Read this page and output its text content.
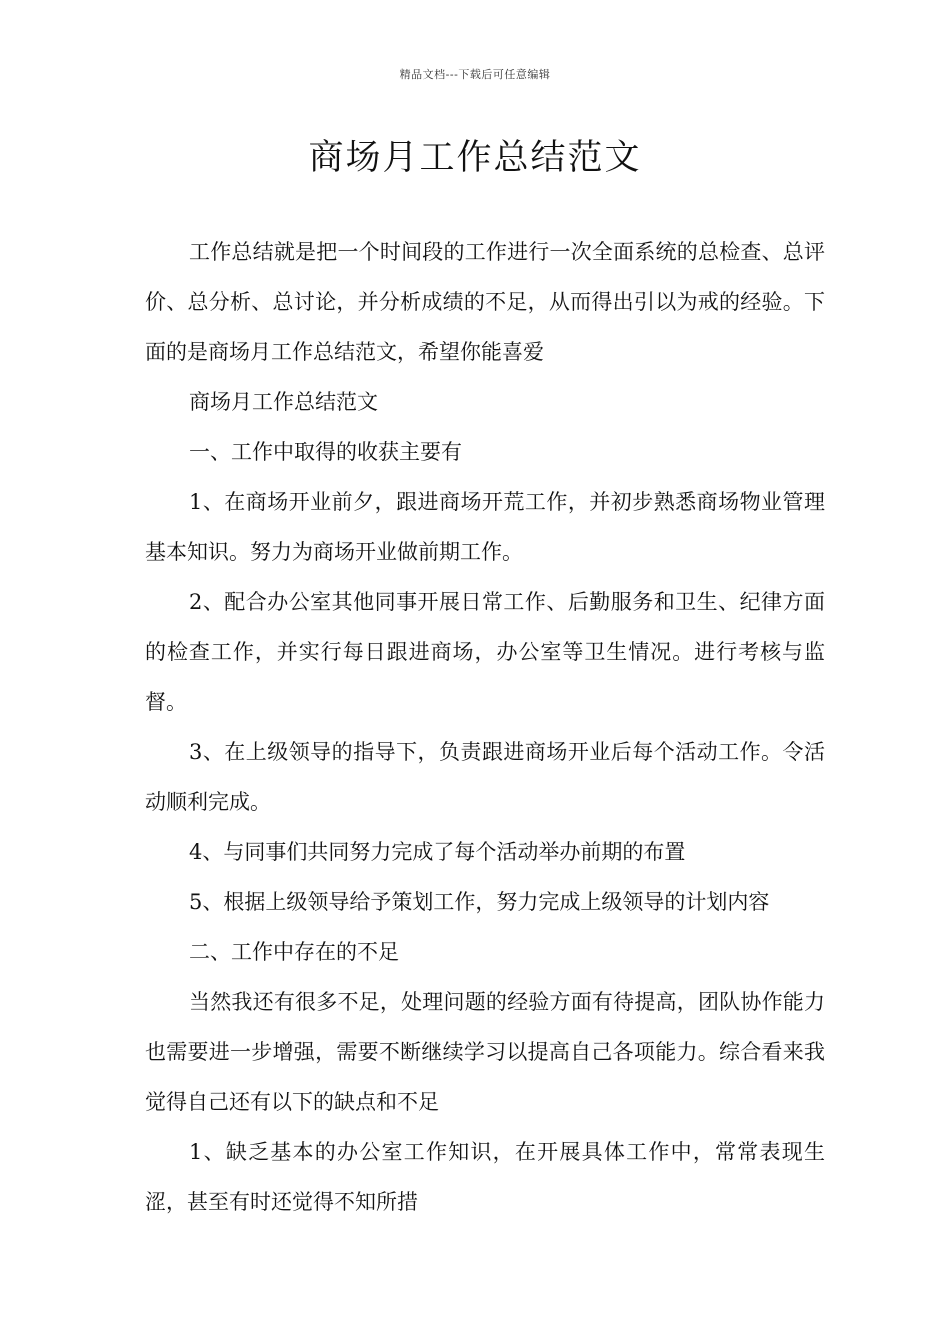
精品文档---下载后可任意编辑
商场月工作总结范文

工作总结就是把一个时间段的工作进行一次全面系统的总检查、总评价、总分析、总讨论，并分析成绩的不足，从而得出引以为戒的经验。下面的是商场月工作总结范文，希望你能喜爱

商场月工作总结范文

一、工作中取得的收获主要有

1、在商场开业前夕，跟进商场开荒工作，并初步熟悉商场物业管理基本知识。努力为商场开业做前期工作。

2、配合办公室其他同事开展日常工作、后勤服务和卫生、纪律方面的检查工作，并实行每日跟进商场，办公室等卫生情况。进行考核与监督。

3、在上级领导的指导下，负责跟进商场开业后每个活动工作。令活动顺利完成。

4、与同事们共同努力完成了每个活动举办前期的布置

5、根据上级领导给予策划工作，努力完成上级领导的计划内容

二、工作中存在的不足

当然我还有很多不足，处理问题的经验方面有待提高，团队协作能力也需要进一步增强，需要不断继续学习以提高自己各项能力。综合看来我觉得自己还有以下的缺点和不足

1、缺乏基本的办公室工作知识，在开展具体工作中，常常表现生涩，甚至有时还觉得不知所措
